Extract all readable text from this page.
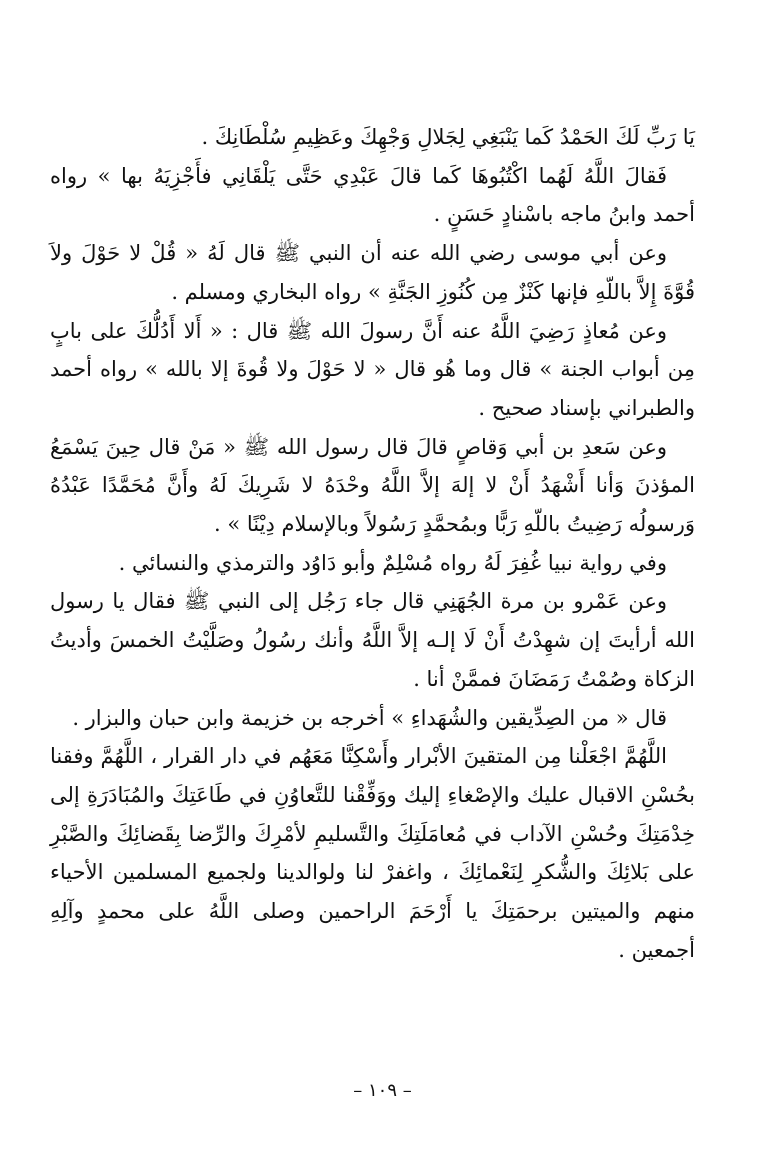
يَا رَبِّ لَكَ الحَمْدُ كَما يَنْبَغِي لِجَلالِ وَجْهِكَ وعَظِيمِ سُلْطَانِكَ .

فَقالَ اللَّهُ لَهُما اكْتُبُوهَا كَما قالَ عَبْدِي حَتَّى يَلْقَانِي فأَجْزِيَهُ بها » رواه أحمد وابنُ ماجه باسْنادٍ حَسَنٍ .

وعن أبي موسى رضي الله عنه أن النبي ﷺ قال لَهُ « قُلْ لا حَوْلَ ولاَ قُوَّةَ إِلاَّ باللّهِ فإنها كَنْزٌ مِن كُنُوزِ الجَنَّةِ » رواه البخاري ومسلم .

وعن مُعاذٍ رَضِيَ اللَّهُ عنه أَنَّ رسولَ الله ﷺ قال : « أَلا أَدُلُّكَ على بابٍ مِن أبواب الجنة » قال وما هُو قال « لا حَوْلَ ولا قُوةَ إلا بالله » رواه أحمد والطبراني بإسناد صحيح .

وعن سَعدِ بن أبي وَقاصٍ قالَ قال رسول الله ﷺ « مَنْ قال حِينَ يَسْمَعُ المؤذنَ وَأنا أَشْهَدُ أَنْ لا إلهَ إلاَّ اللَّهُ وحْدَهُ لا شَرِيكَ لَهُ وأَنَّ مُحَمَّدًا عَبْدُهُ وَرسولُه رَضِيتُ باللّهِ رَبًّا وبمُحمَّدٍ رَسُولاً وبالإسلام دِيْنًا » .

وفي رواية نبيا غُفِرَ لَهُ رواه مُسْلِمٌ وأبو دَاوُد والترمذي والنسائي .

وعن عَمْرو بن مرة الجُهَنِي قال جاء رَجُل إلى النبي ﷺ فقال يا رسول الله أرأيتَ إن شهِدْتُ أَنْ لَا إلـه إلاَّ اللَّهُ وأنك رسُولُ وصَلَّيْتُ الخمسَ وأديتُ الزكاة وصُمْتُ رَمَضَانَ فممَّنْ أنا .

قال « من الصِدِّيقين والشُهَداءِ » أخرجه بن خزيمة وابن حبان والبزار .

اللَّهُمَّ اجْعَلْنا مِن المتقينَ الأبْرار وأَسْكِنَّا مَعَهُم في دار القرار ، اللَّهُمَّ وفقنا بحُسْنِ الاقبال عليك والإصْغاءِ إليك ووَفِّقْنا للتَّعاوُنِ في طَاعَتِكَ والمُبَادَرَةِ إلى خِدْمَتِكَ وحُسْنِ الآداب في مُعامَلَتِكَ والتَّسليمِ لأمْرِكَ والرِّضا بِقَضائِكَ والصَّبْرِ على بَلائِكَ والشُّكرِ لِنَعْمائِكَ ، واغفرْ لنا ولوالدينا ولجميع المسلمين الأحياء منهم والميتين برحمَتِكَ يا أَرْحَمَ الراحمين وصلى اللَّهُ على محمدٍ وآلِهِ أجمعين .

– ١٠٩ –
